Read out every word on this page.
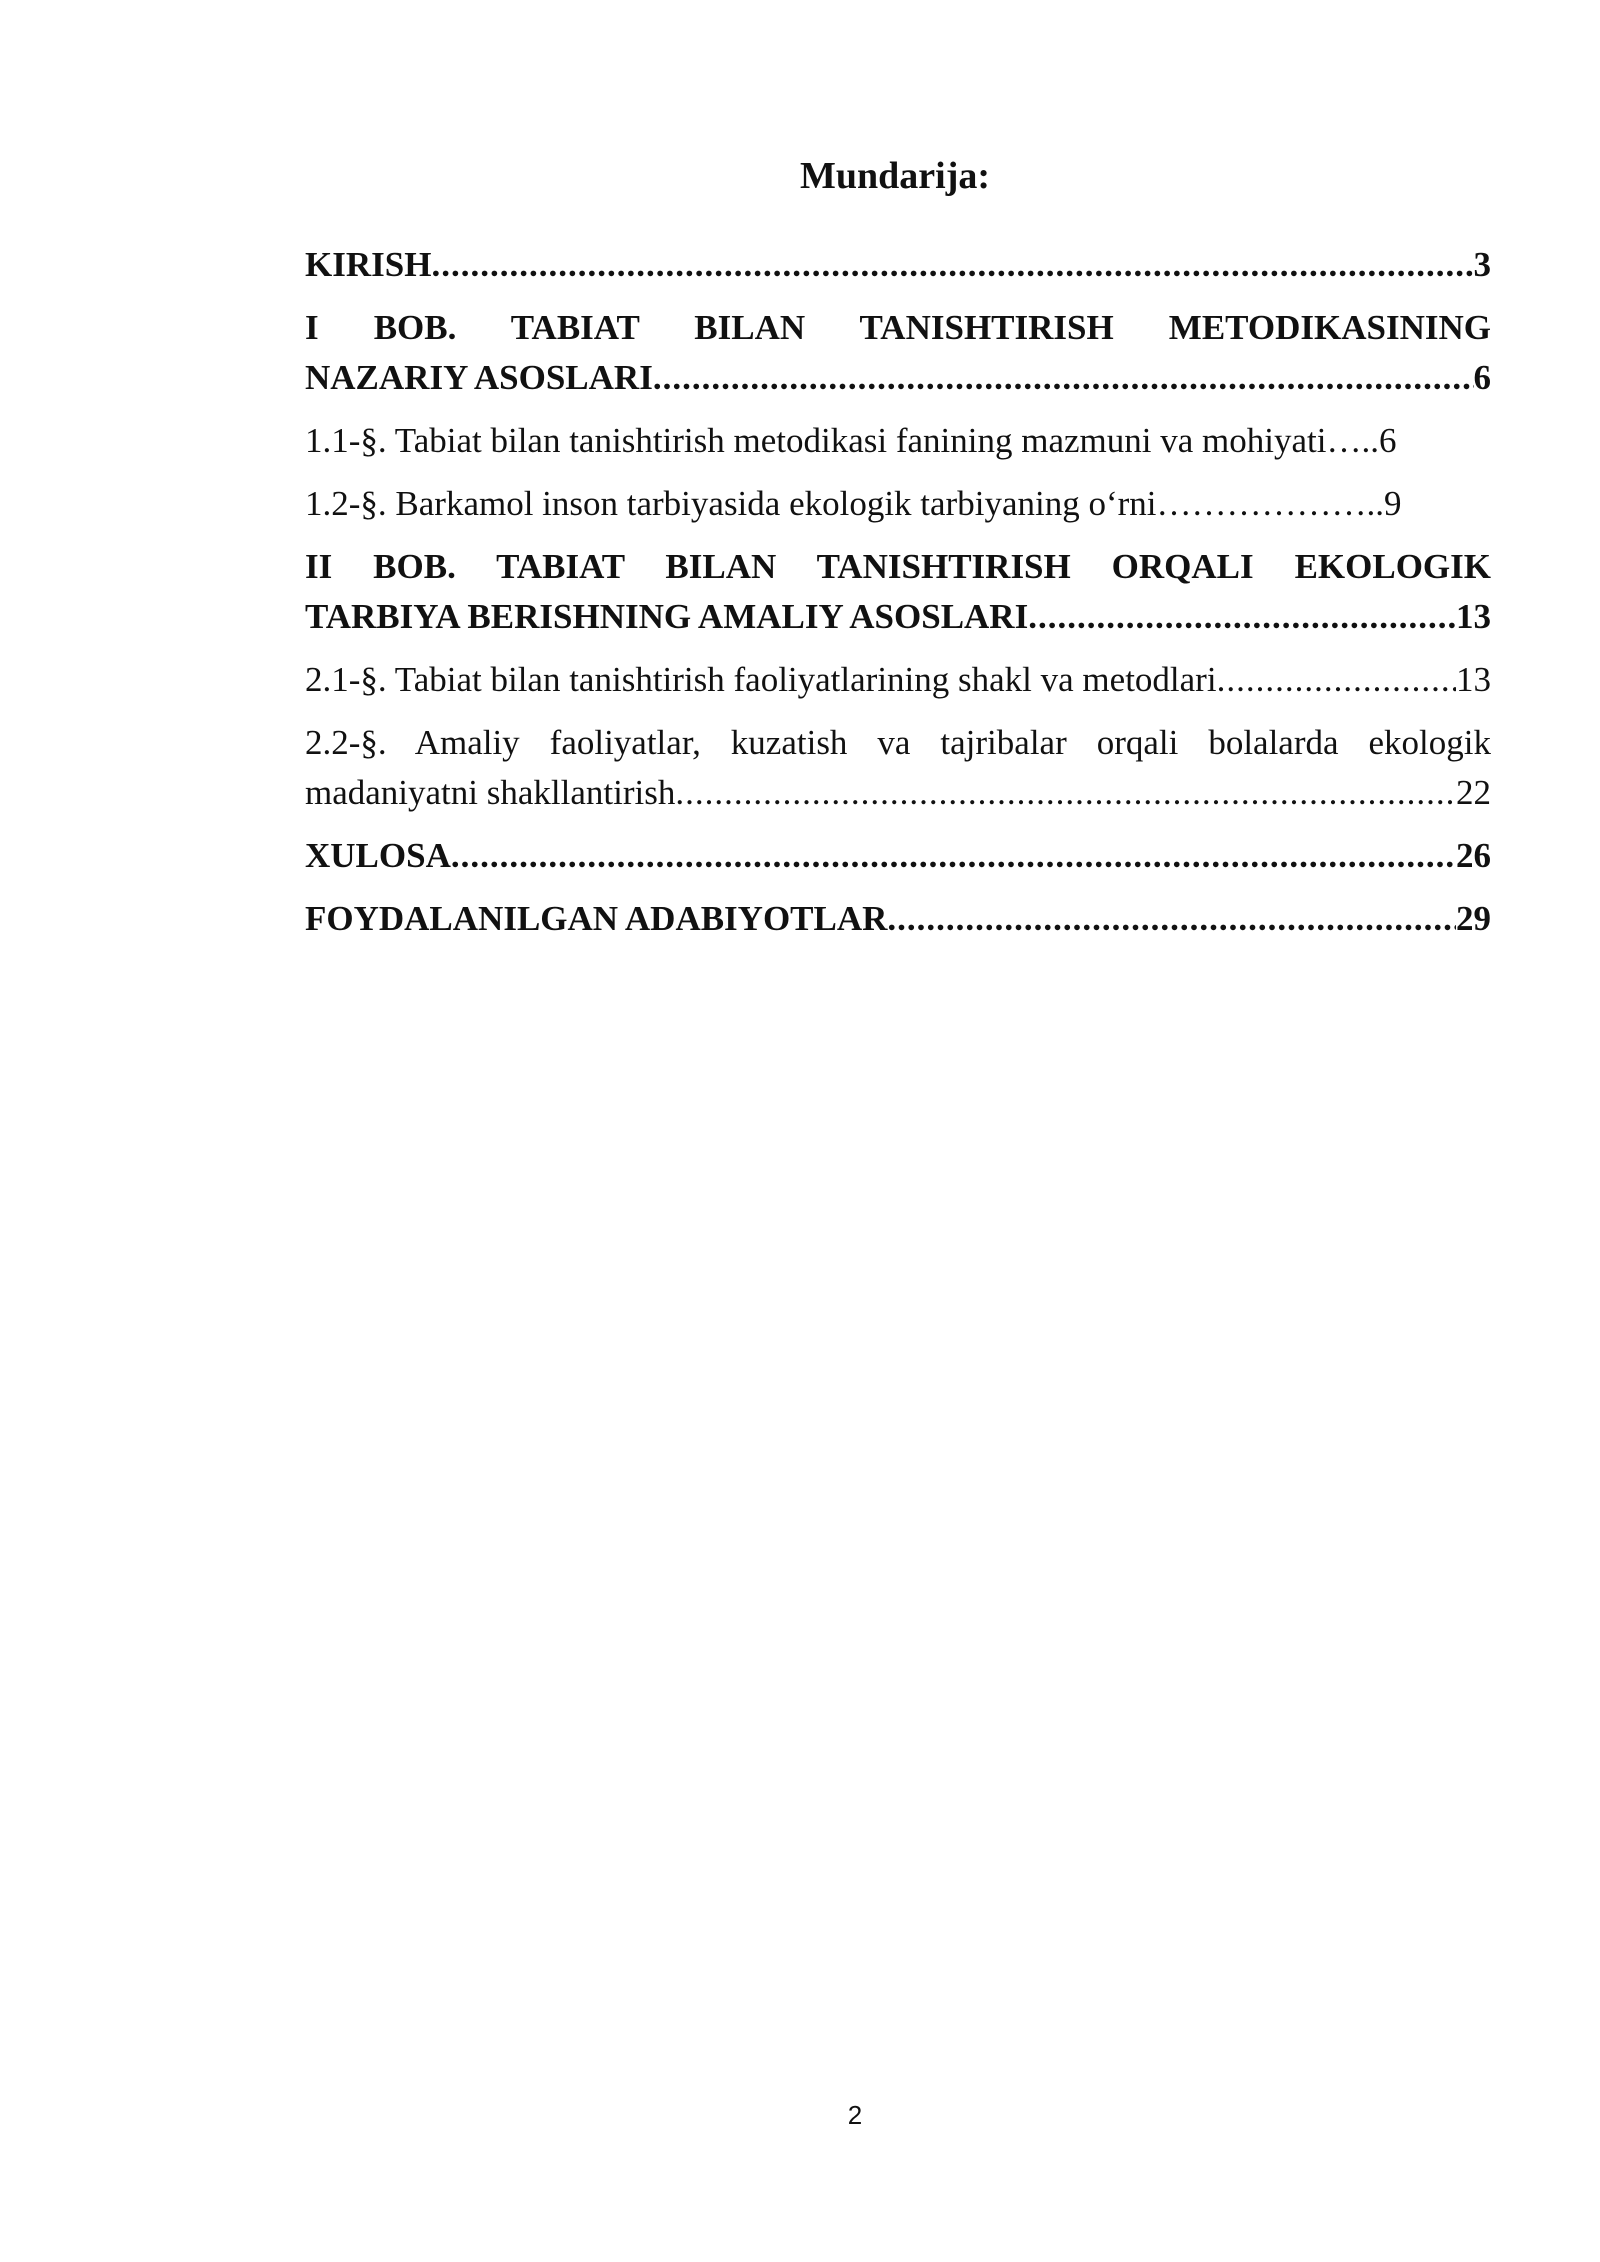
Mundarija:
KIRISH .....	3
I BOB. TABIAT BILAN TANISHTIRISH METODIKASINING
NAZARIY ASOSLARI .....	6
1.1-§. Tabiat bilan tanishtirish metodikasi fanining mazmuni va mohiyati ….. 6
1.2-§. Barkamol inson tarbiyasida ekologik tarbiyaning o‘rni ……………….. 9
II BOB. TABIAT BILAN TANISHTIRISH ORQALI EKOLOGIK
TARBIYA BERISHNING AMALIY ASOSLARI .....	13
2.1-§. Tabiat bilan tanishtirish faoliyatlarining shakl va metodlari .....	13
2.2-§. Amaliy faoliyatlar, kuzatish va tajribalar orqali bolalarda ekologik
madaniyatni shakllantirish .....	22
XULOSA .....	26
FOYDALANILGAN ADABIYOTLAR .....	29
2
